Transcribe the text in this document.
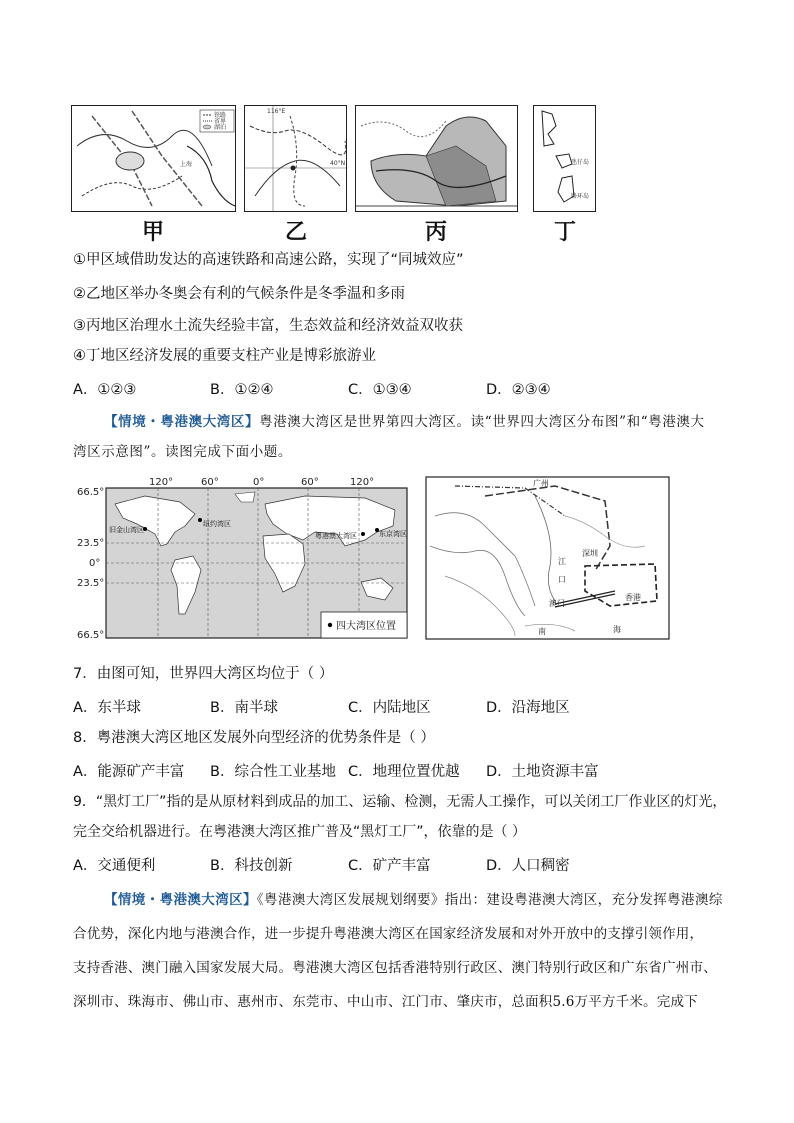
铁路
省界
湖泊
上海
甲
116°E
40°N
乙	丙
氹仔岛
路环岛
丁
①甲区域借助发达的高速铁路和高速公路，实现了“同城效应”
②乙地区举办冬奥会有利的气候条件是冬季温和多雨
③丙地区治理水土流失经验丰富，生态效益和经济效益双收获
④丁地区经济发展的重要支柱产业是博彩旅游业
A．①②③	B．①②④	C．①③④	D．②③④
【情境・粤港澳大湾区】粤港澳大湾区是世界第四大湾区。读“世界四大湾区分布图”和“粤港澳大
湾区示意图”。读图完成下面小题。
120°	60°	0°	60°	120°
66.5°
23.5°
0°
23.5°
66.5°
旧金山湾区
纽约湾区
粤港澳大湾区	东京湾区
四大湾区位置
广州
深圳
江
口
澳门
香港
南	海
7．由图可知，世界四大湾区均位于（ ）
A．东半球	B．南半球	C．内陆地区	D．沿海地区
8．粤港澳大湾区地区发展外向型经济的优势条件是（ ）
A．能源矿产丰富 B．综合性工业基地 C．地理位置优越 D．土地资源丰富
9．“黑灯工厂”指的是从原材料到成品的加工、运输、检测，无需人工操作，可以关闭工厂作业区的灯光，
完全交给机器进行。在粤港澳大湾区推广普及“黑灯工厂”，依靠的是（ ）
A．交通便利	B．科技创新	C．矿产丰富	D．人口稠密
【情境・粤港澳大湾区】《粤港澳大湾区发展规划纲要》指出：建设粤港澳大湾区，充分发挥粤港澳综
合优势，深化内地与港澳合作，进一步提升粤港澳大湾区在国家经济发展和对外开放中的支撑引领作用，
支持香港、澳门融入国家发展大局。粤港澳大湾区包括香港特别行政区、澳门特别行政区和广东省广州市、
深圳市、珠海市、佛山市、惠州市、东莞市、中山市、江门市、肇庆市，总面积5.6万平方千米。完成下
